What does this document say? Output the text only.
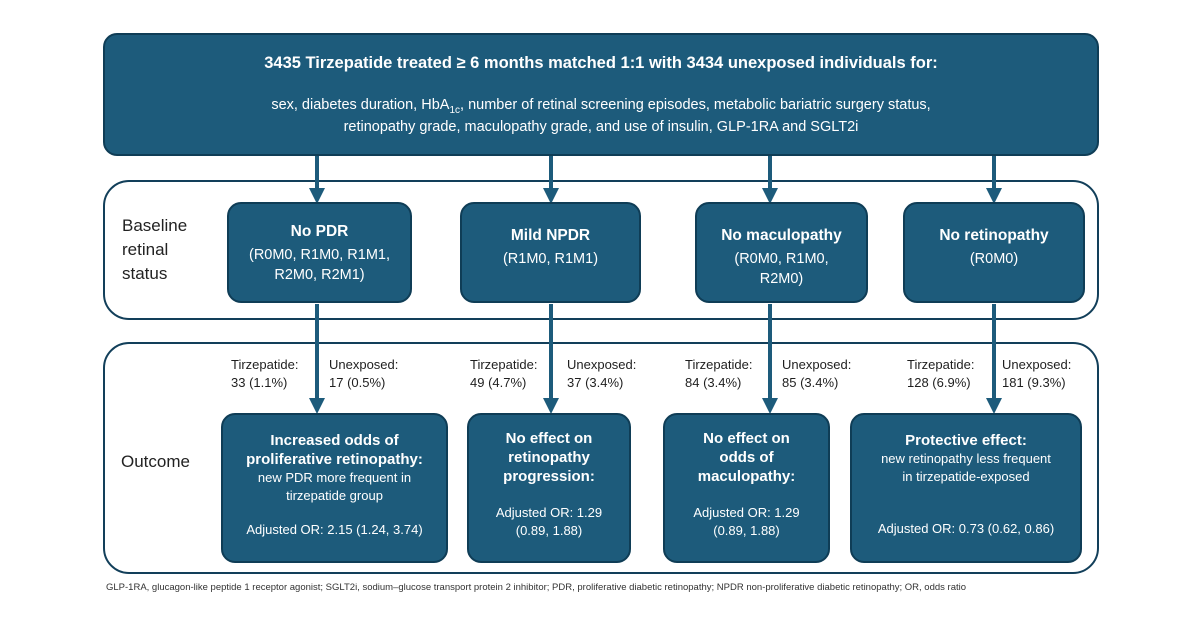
3435 Tirzepatide treated ≥ 6 months matched 1:1 with 3434 unexposed individuals for:
sex, diabetes duration, HbA$_{1c}$, number of retinal screening episodes, metabolic bariatric surgery status,
retinopathy grade, maculopathy grade, and use of insulin, GLP-1RA and SGLT2i
Baseline
retinal
status
No PDR
(R0M0, R1M0, R1M1,
R2M0, R2M1)
Mild NPDR
(R1M0, R1M1)
No maculopathy
(R0M0, R1M0,
R2M0)
No retinopathy
(R0M0)
Tirzepatide:
33 (1.1%)
Unexposed:
17 (0.5%)
Tirzepatide:
49 (4.7%)
Unexposed:
37 (3.4%)
Tirzepatide:
84 (3.4%)
Unexposed:
85 (3.4%)
Tirzepatide:
128 (6.9%)
Unexposed:
181 (9.3%)
Outcome
Increased odds of
proliferative retinopathy:
new PDR more frequent in
tirzepatide group
Adjusted OR: 2.15 (1.24, 3.74)
No effect on
retinopathy
progression:
Adjusted OR: 1.29
(0.89, 1.88)
No effect on
odds of
maculopathy:
Adjusted OR: 1.29
(0.89, 1.88)
Protective effect:
new retinopathy less frequent
in tirzepatide-exposed
Adjusted OR: 0.73 (0.62, 0.86)
GLP-1RA, glucagon-like peptide 1 receptor agonist; SGLT2i, sodium–glucose transport protein 2 inhibitor; PDR, proliferative diabetic retinopathy; NPDR non-proliferative diabetic retinopathy; OR, odds ratio
